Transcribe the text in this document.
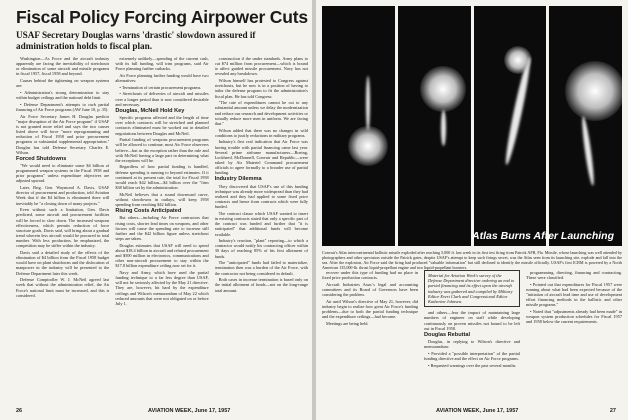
Fiscal Policy Forcing Airpower Cuts
USAF Secretary Douglas warns 'drastic' slowdown assured if administration holds to fiscal plan.

Washington—As Force and the aircraft industry apparently are facing the inevitability of stretchouts or elimination of some aircraft and missile programs in fiscal 1957, fiscal 1958 and beyond.

Causes behind the tightening on weapon systems are:

• Administration's strong determination to stay within budget ceilings and the national debt limit.

• Defense Department's attempts to curb partial financing of Air Force programs (AW June 10, p. 35).

Air Force Secretary James H. Douglas predicts "major disruption of the Air Force program" if USAF is not granted more relief and says the two causes listed above will force "more reprogramming and reduction of Fiscal 1958 and prior procurement programs or substantial supplemental appropriation." Douglas has told Defense Secretary Charles E. Wilson.

Forced Shutdowns

"We would need to eliminate some $4 billion of programmed weapon systems in the Fiscal 1958 and prior programs" unless expenditure objectives are adjusted upward.

Later, Brig. Gen. Waymond A. Davis, USAF director of procurement and production, told Aviation Week that if the $4 billion is eliminated there will inevitably be "a closing down of many projects."

Even without such a limitation, Gen. Davis predicted, some aircraft and procurement facilities will be forced to slow down. The increased weapons effectiveness, which permits reduction of force structure goals, Davis said, will bring about a gradual trend wherein less aircraft would be procured in total number. With less production, he emphasized, the competition may be stiffer within the industry.

Davis said a detailed study of the effects of the elimination of $4 billion from the Fiscal 1958 budget would have on plant shutdowns and the dislocation of manpower in the industry will be presented to the Defense Department later this week.

Defense Comptroller W. J. McNeil agreed last week that without the administration relief, the Air Force's national limit must be increased, and this is considered.

extremely unlikely—spending of the current cash, with its full funding, will trim programs, said Air Force planning further cutbacks.

Air Force planning further funding would have two alternatives:

• Termination of certain procurement programs.

• Stretchouts of deliveries of aircraft and missiles over a longer period than is now considered desirable and necessary.

Douglas, McNeil Hold Key

Specific programs affected and the length of time over which contracts will be stretched and planned contracts eliminated must be worked out in detailed negotiations between Douglas and McNeil.

Partial funding of weapons procurement programs will be allowed to continue, most Air Force observers believe—but as the exception rather than the rule and with McNeil having a large part in determining what the exceptions will be.

Regardless of how partial funding is handled, defense spending is running to beyond estimates. If it continued at its present rate, the total for Fiscal 1958 would reach $42 billion—$4 billion over the "firm $38 billion set by the administration.

McNeil believes that a sound downward curve, without slowdowns in outlays, will keep 1958 spending from reaching $42 billion.

Rising Costs Anticipated

But others—including Air Force contractors that rising costs, shorter lead times on weapons, and other factors will cause the spending rate to increase still further and the $42 billion figure unless stretchout steps are taken.

Douglas estimates that USAF will need to spend about $18.4 billion in aircraft and related procurement and $500 million in electronics, communications and other non-aircraft procurement to stay within the $17.8 billion expenditure ceiling now set for it.

Navy and Army, which have used the partial funding technique to a far less degree than USAF, will not be seriously affected by the May 21 directive. They are, however, hit hard by the expenditure ceilings and Wilson's memorandum of May 22 which reduced amounts that were not obligated on or before July 1.

construction if the under standards. Army plans to cut $74 million from procurement—which is bound to affect guided missile procurement. Navy has not revealed any breakdown.

Wilson himself has protested to Congress against stretchouts, but he now is in a position of having to tailor the defense program to fit the administration's fiscal plan. He has told Congress:

"The rate of expenditures cannot be cut to any substantial amount unless we delay the modernization and reduce our research and development activities or actually reduce more men in uniform. We are facing that."

Wilson added that there was no changes in wild conditions to justify reductions in military programs.

Industry's first real indication that Air Force was having trouble with partial financing came last year. Several prime airframe manufacturers—Boeing, Lockheed, McDonnell, Convair and Republic—were asked by Air Materiel Command procurement officials to agree formally to a broader use of partial funding.

Industry Dilemma

They discovered that USAF's use of this funding technique was already more widespread than they had realized and they had applied to some fixed price contracts and hence from contracts which were fully funded.

The contract clause which USAF wanted to insert in existing contracts stated that only a specific part of the contract was funded and further that "it is anticipated" that additional funds will become available.

Industry's reaction, "plant" reporting—to which a contractor would notify his contracting officer within 30 days of reaching 85% of his first allotment of funds.

The "anticipated" funds had failed to materialize, termination then was a burden of the Air Force, with the contractor not being considered in default.

Both cases in increase termination is based only on the initial allotment of funds—not on the long-range total amount.

26	AVIATION WEEK, June 17, 1957
Atlas Burns After Launching
Convair's Atlas intercontinental ballistic missile exploded after reaching 5,000 ft. last week in its first test firing from Patrick AFB, Fla. Missile, whose launching was well attended by photographers and other spectators outside the Patrick gates, despite USAF's attempt to keep such firings secret, was the Atlas seen from its launching site, explode and fall into the sea. After the explosion, Air Force said the firing had produced "valuable information" but still declined to identify the missile officially. USAF's first ICBM is powered by a North American 135,000-lb. thrust liquid-propellant engine and two liquid-propellant boosters.

recover under this type of funding had no place in fixed price production contracts.

Aircraft Industries Assn.'s legal and accounting committees and its Board of Governors have been considering the problem.

Air until Wilson's directive of May 21, however, did industry begin to realize how great Air Force's funding problems—due to both the partial funding technique and the expenditure ceilings—had become.

Meetings are being held.

Material for Aviation Week's survey of the Defense Department directive ordering an end to partial financing and its effect upon the aircraft industry was gathered and compiled by Military Editor Evert Clark and Congressional Editor Katherine Johnsen.

and others—fear the impact of maintaining large numbers of engineer on staff while developing continuously on proven missiles not bound to be left out in Fiscal 1958.

Douglas Rebuttal

Douglas, in replying to Wilson's directive and memorandum:

• Provided a "possible interpretation" of the partial funding directive and the effect on Air Force programs.

• Requested warnings over the past several months.

programming, directing, financing and contracting. These were classified.

• Pointed out that expenditures for Fiscal 1957 were running about what had been expected because of the "initiation of aircraft lead time and use of development effort financing methods in the ballistic and other missile programs."

• Noted that "adjustments already had been made" in weapon system production schedules for Fiscal 1957 and 1958 below the current requirements.

AVIATION WEEK, June 17, 1957	27
